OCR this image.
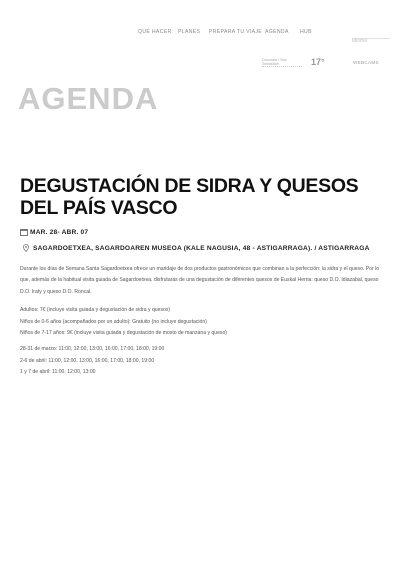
QUÉ HACER PLANES PREPARA TU VIAJE AGENDA HUB
Idioma
Donostia / San Sebastián	17°	WEBCAMS
AGENDA
DEGUSTACIÓN DE SIDRA Y QUESOS DEL PAÍS VASCO
MAR. 28- ABR. 07
SAGARDOETXEA, SAGARDOAREN MUSEOA (KALE NAGUSIA, 48 - ASTIGARRAGA). / ASTIGARRAGA

Durante los días de Semana Santa Sagardoetxea ofrece un maridaje de dos productos gastronómicos que combinan a la perfección: la sidra y el queso. Por lo que, además de la habitual visita guiada de Sagardoetxea, disfrutarás de una degustación de diferentes quesos de Euskal Herria: queso D.O. Idiazabal, queso D.O. Iraty y queso D.O. Roncal.

Adultos: 7€ (incluye visita guiada y degustación de sidra y quesos)

Niños de 0-6 años (acompañados por un adulto): Gratuito (no incluye degustación)

Niños de 7-17 años: 9€ (incluye visita guiada y degustación de mosto de manzana y queso)

28-31 de marzo: 11:00, 12:00, 13:00, 16:00, 17:00, 18:00, 19:00

2-6 de abril: 11:00, 12:00, 13:00, 16:00, 17:00, 18:00, 19:00

1 y 7 de abril: 11:00, 12:00, 13:00
